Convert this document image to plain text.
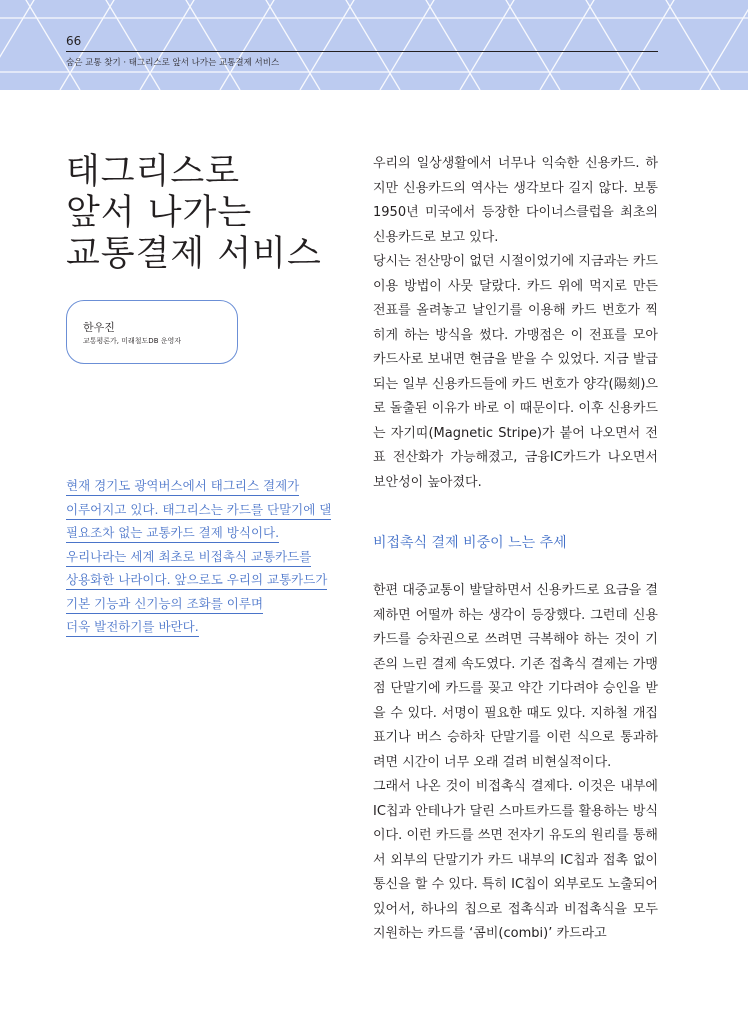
66
숨은 교통 찾기 · 태그리스로 앞서 나가는 교통결제 서비스
태그리스로
앞서 나가는
교통결제 서비스
한우진
교통평론가, 미래철도DB 운영자
현재 경기도 광역버스에서 태그리스 결제가
이루어지고 있다. 태그리스는 카드를 단말기에 댈
필요조차 없는 교통카드 결제 방식이다.
우리나라는 세계 최초로 비접촉식 교통카드를
상용화한 나라이다. 앞으로도 우리의 교통카드가
기본 기능과 신기능의 조화를 이루며
더욱 발전하기를 바란다.

우리의 일상생활에서 너무나 익숙한 신용카드. 하지만 신용카드의 역사는 생각보다 길지 않다. 보통 1950년 미국에서 등장한 다이너스클럽을 최초의 신용카드로 보고 있다.

당시는 전산망이 없던 시절이었기에 지금과는 카드 이용 방법이 사뭇 달랐다. 카드 위에 먹지로 만든 전표를 올려놓고 날인기를 이용해 카드 번호가 찍히게 하는 방식을 썼다. 가맹점은 이 전표를 모아 카드사로 보내면 현금을 받을 수 있었다. 지금 발급되는 일부 신용카드들에 카드 번호가 양각(陽刻)으로 돌출된 이유가 바로 이 때문이다. 이후 신용카드는 자기띠(Magnetic Stripe)가 붙어 나오면서 전표 전산화가 가능해졌고, 금융IC카드가 나오면서 보안성이 높아졌다.

비접촉식 결제 비중이 느는 추세

한편 대중교통이 발달하면서 신용카드로 요금을 결제하면 어떨까 하는 생각이 등장했다. 그런데 신용카드를 승차권으로 쓰려면 극복해야 하는 것이 기존의 느린 결제 속도였다. 기존 접촉식 결제는 가맹점 단말기에 카드를 꽂고 약간 기다려야 승인을 받을 수 있다. 서명이 필요한 때도 있다. 지하철 개집표기나 버스 승하차 단말기를 이런 식으로 통과하려면 시간이 너무 오래 걸려 비현실적이다.

그래서 나온 것이 비접촉식 결제다. 이것은 내부에 IC칩과 안테나가 달린 스마트카드를 활용하는 방식이다. 이런 카드를 쓰면 전자기 유도의 원리를 통해서 외부의 단말기가 카드 내부의 IC칩과 접촉 없이 통신을 할 수 있다. 특히 IC칩이 외부로도 노출되어 있어서, 하나의 칩으로 접촉식과 비접촉식을 모두 지원하는 카드를 ‘콤비(combi)’ 카드라고
